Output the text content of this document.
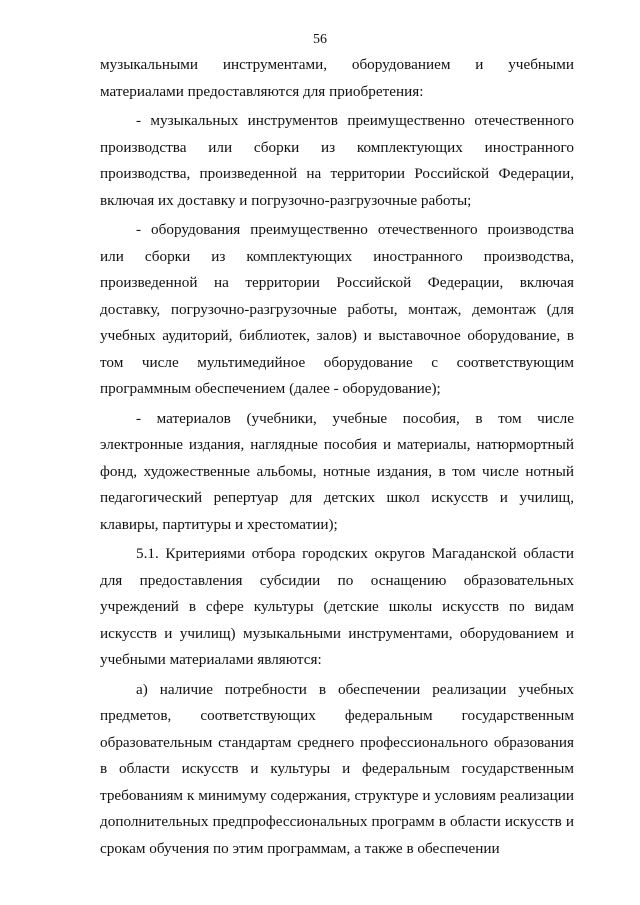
56

музыкальными инструментами, оборудованием и учебными материалами предоставляются для приобретения:

- музыкальных инструментов преимущественно отечественного производства или сборки из комплектующих иностранного производства, произведенной на территории Российской Федерации, включая их доставку и погрузочно-разгрузочные работы;

- оборудования преимущественно отечественного производства или сборки из комплектующих иностранного производства, произведенной на территории Российской Федерации, включая доставку, погрузочно-разгрузочные работы, монтаж, демонтаж (для учебных аудиторий, библиотек, залов) и выставочное оборудование, в том числе мультимедийное оборудование с соответствующим программным обеспечением (далее - оборудование);

- материалов (учебники, учебные пособия, в том числе электронные издания, наглядные пособия и материалы, натюрмортный фонд, художественные альбомы, нотные издания, в том числе нотный педагогический репертуар для детских школ искусств и училищ, клавиры, партитуры и хрестоматии);

5.1. Критериями отбора городских округов Магаданской области для предоставления субсидии по оснащению образовательных учреждений в сфере культуры (детские школы искусств по видам искусств и училищ) музыкальными инструментами, оборудованием и учебными материалами являются:

а) наличие потребности в обеспечении реализации учебных предметов, соответствующих федеральным государственным образовательным стандартам среднего профессионального образования в области искусств и культуры и федеральным государственным требованиям к минимуму содержания, структуре и условиям реализации дополнительных предпрофессиональных программ в области искусств и срокам обучения по этим программам, а также в обеспечении
